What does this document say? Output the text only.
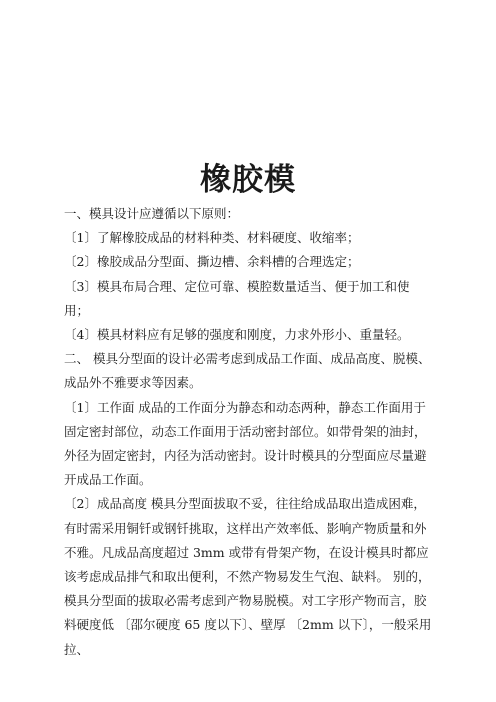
橡胶模

一、模具设计应遵循以下原则：

〔1〕了解橡胶成品的材料种类、材料硬度、收缩率；

〔2〕橡胶成品分型面、撕边槽、余料槽的合理选定；

〔3〕模具布局合理、定位可靠、模腔数量适当、便于加工和使用；

〔4〕模具材料应有足够的强度和刚度，力求外形小、重量轻。

二、 模具分型面的设计必需考虑到成品工作面、成品高度、脱模、成品外不雅要求等因素。

〔1〕工作面 成品的工作面分为静态和动态两种，静态工作面用于固定密封部位，动态工作面用于活动密封部位。如带骨架的油封，外径为固定密封，内径为活动密封。设计时模具的分型面应尽量避开成品工作面。

〔2〕成品高度 模具分型面拔取不妥，往往给成品取出造成困难，有时需采用铜钎或钢钎挑取，这样出产效率低、影响产物质量和外不雅。凡成品高度超过 3mm 或带有骨架产物，在设计模具时都应该考虑成品排气和取出便利，不然产物易发生气泡、缺料。 别的，模具分型面的拔取必需考虑到产物易脱模。对工字形产物而言，胶料硬度低 〔邵尔硬度 65 度以下〕、壁厚 〔2mm 以下〕，一般采用拉、
